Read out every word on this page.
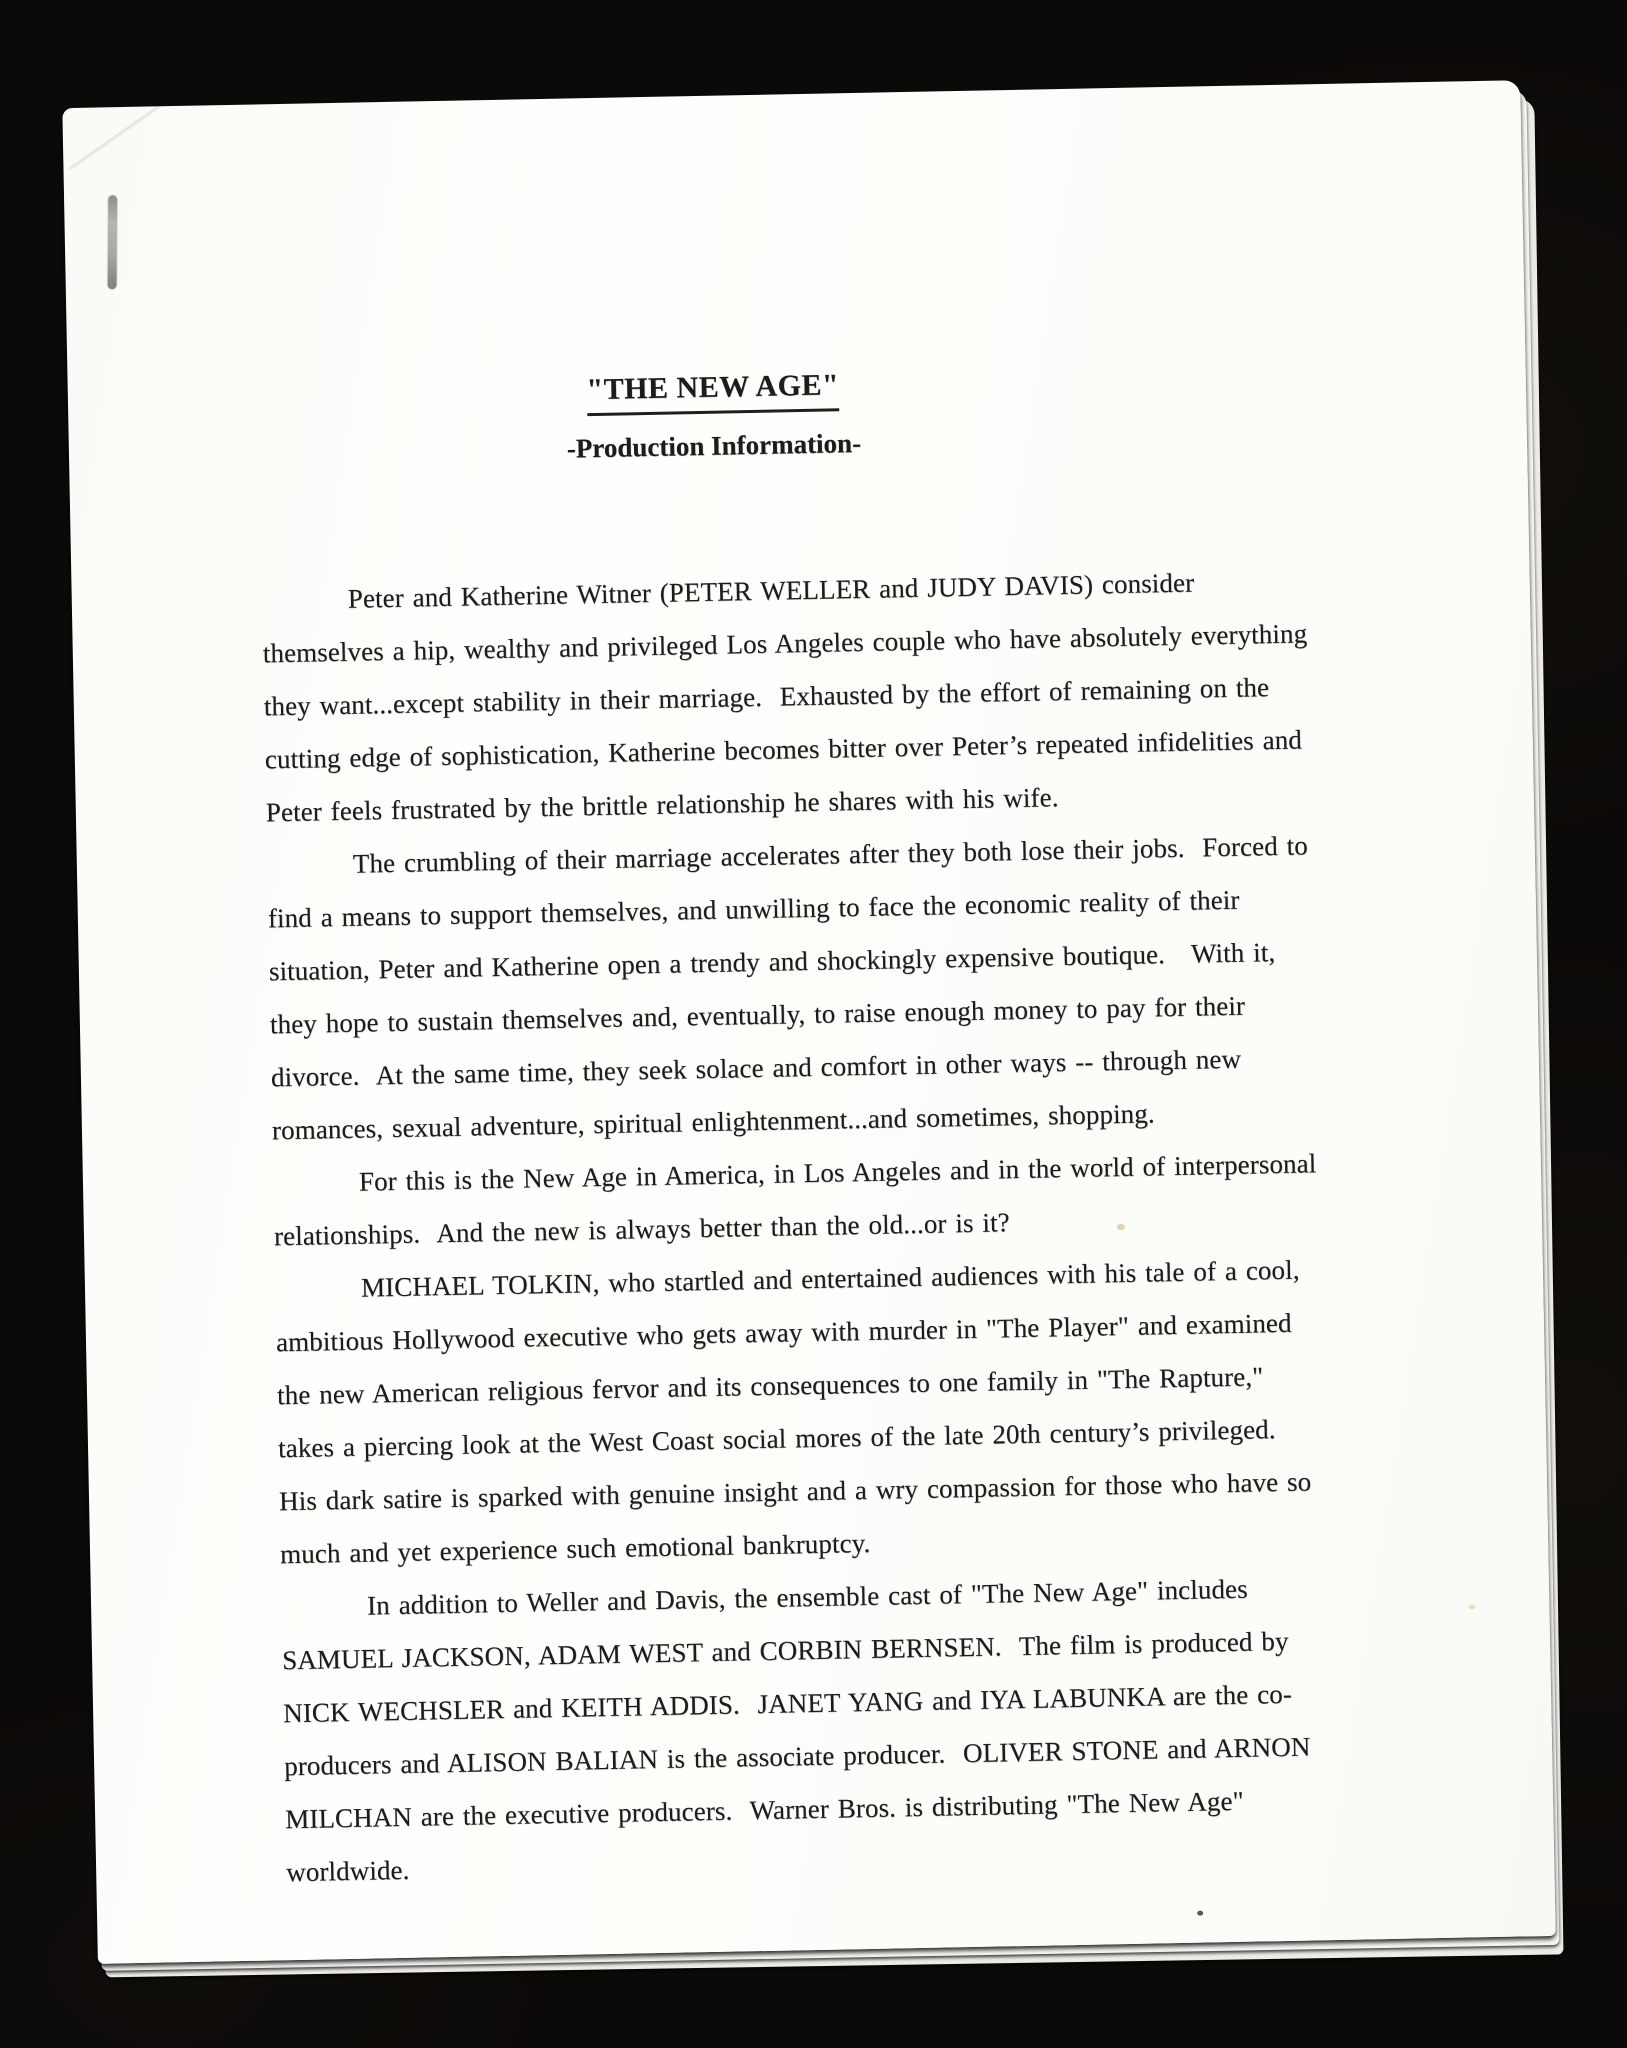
"THE NEW AGE"
-Production Information-

Peter and Katherine Witner (PETER WELLER and JUDY DAVIS) consider
themselves a hip, wealthy and privileged Los Angeles couple who have absolutely everything
they want...except stability in their marriage.  Exhausted by the effort of remaining on the
cutting edge of sophistication, Katherine becomes bitter over Peter’s repeated infidelities and
Peter feels frustrated by the brittle relationship he shares with his wife.

The crumbling of their marriage accelerates after they both lose their jobs.  Forced to
find a means to support themselves, and unwilling to face the economic reality of their
situation, Peter and Katherine open a trendy and shockingly expensive boutique.   With it,
they hope to sustain themselves and, eventually, to raise enough money to pay for their
divorce.  At the same time, they seek solace and comfort in other ways -- through new
romances, sexual adventure, spiritual enlightenment...and sometimes, shopping.

For this is the New Age in America, in Los Angeles and in the world of interpersonal
relationships.  And the new is always better than the old...or is it?

MICHAEL TOLKIN, who startled and entertained audiences with his tale of a cool,
ambitious Hollywood executive who gets away with murder in "The Player" and examined
the new American religious fervor and its consequences to one family in "The Rapture,"
takes a piercing look at the West Coast social mores of the late 20th century’s privileged.
His dark satire is sparked with genuine insight and a wry compassion for those who have so
much and yet experience such emotional bankruptcy.

In addition to Weller and Davis, the ensemble cast of "The New Age" includes
SAMUEL JACKSON, ADAM WEST and CORBIN BERNSEN.  The film is produced by
NICK WECHSLER and KEITH ADDIS.  JANET YANG and IYA LABUNKA are the co-
producers and ALISON BALIAN is the associate producer.  OLIVER STONE and ARNON
MILCHAN are the executive producers.  Warner Bros. is distributing "The New Age"
worldwide.
